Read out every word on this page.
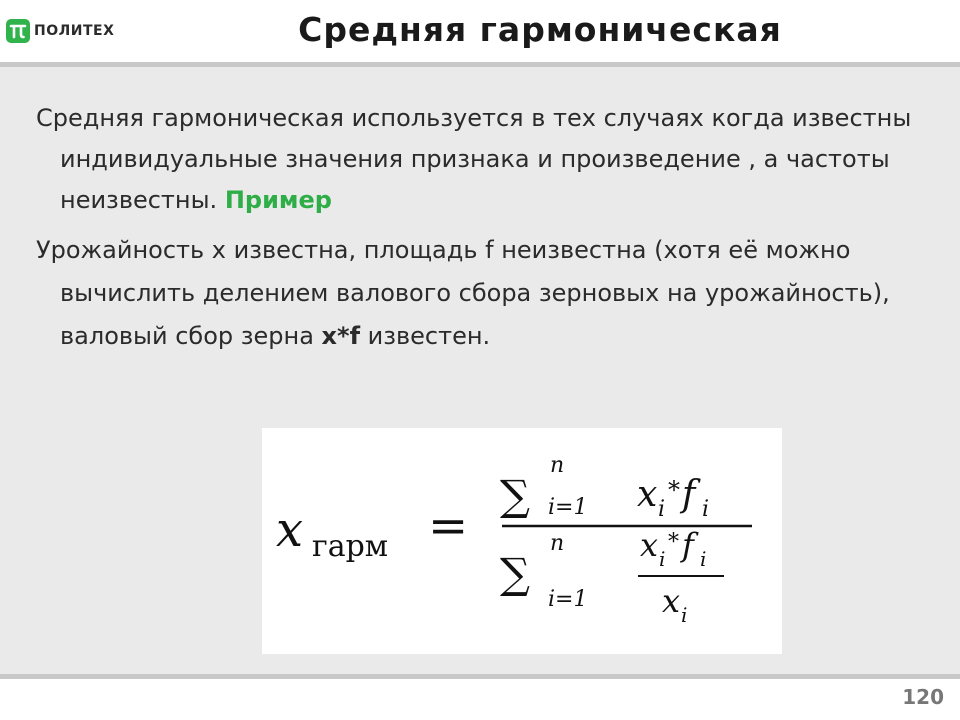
ПОЛИТЕХ	Средняя гармоническая
Средняя гармоническая используется в тех случаях когда известны индивидуальные значения признака и произведение , а частоты неизвестны. Пример
Урожайность х известна, площадь f неизвестна (хотя её можно вычислить делением валового сбора зерновых на урожайность), валовый сбор зерна x*f известен.
x гарм =
∑
n
i=1 x i
* f i
∑
n
i=1
x i
* f i
x i
120
